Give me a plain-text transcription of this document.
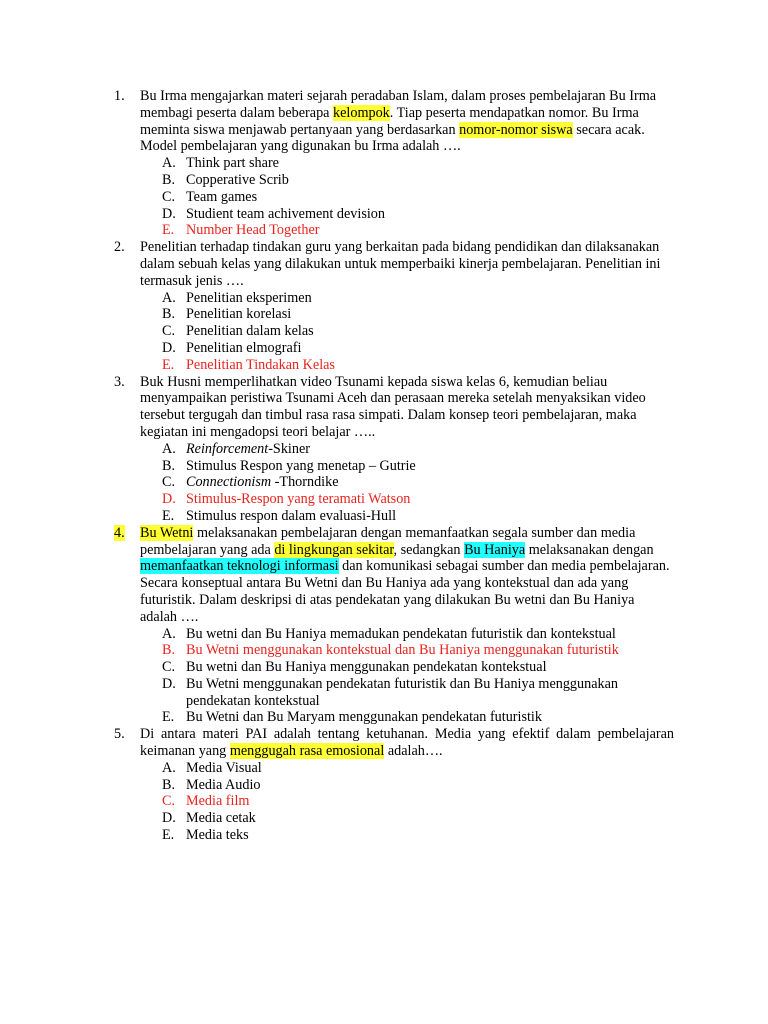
1.	Bu Irma mengajarkan materi sejarah peradaban Islam, dalam proses pembelajaran Bu Irma membagi peserta dalam beberapa kelompok. Tiap peserta mendapatkan nomor. Bu Irma meminta siswa menjawab pertanyaan yang berdasarkan nomor-nomor siswa secara acak. Model pembelajaran yang digunakan bu Irma adalah ….
A. Think part share
B. Copperative Scrib
C. Team games
D. Studient team achivement devision
E. Number Head Together
2.	Penelitian terhadap tindakan guru yang berkaitan pada bidang pendidikan dan dilaksanakan dalam sebuah kelas yang dilakukan untuk memperbaiki kinerja pembelajaran. Penelitian ini termasuk jenis ….
A. Penelitian eksperimen
B. Penelitian korelasi
C. Penelitian dalam kelas
D. Penelitian elmografi
E. Penelitian Tindakan Kelas
3.	Buk Husni memperlihatkan video Tsunami kepada siswa kelas 6, kemudian beliau menyampaikan peristiwa Tsunami Aceh dan perasaan mereka setelah menyaksikan video tersebut tergugah dan timbul rasa rasa simpati. Dalam konsep teori pembelajaran, maka kegiatan ini mengadopsi teori belajar …..
A. Reinforcement-Skiner
B. Stimulus Respon yang menetap – Gutrie
C. Connectionism -Thorndike
D. Stimulus-Respon yang teramati Watson
E. Stimulus respon dalam evaluasi-Hull
4.	Bu Wetni melaksanakan pembelajaran dengan memanfaatkan segala sumber dan media pembelajaran yang ada di lingkungan sekitar, sedangkan Bu Haniya melaksanakan dengan memanfaatkan teknologi informasi dan komunikasi sebagai sumber dan media pembelajaran. Secara konseptual antara Bu Wetni dan Bu Haniya ada yang kontekstual dan ada yang futuristik. Dalam deskripsi di atas pendekatan yang dilakukan Bu wetni dan Bu Haniya adalah ….
A. Bu wetni dan Bu Haniya memadukan pendekatan futuristik dan kontekstual
B. Bu Wetni menggunakan kontekstual dan Bu Haniya menggunakan futuristik
C. Bu wetni dan Bu Haniya menggunakan pendekatan kontekstual
D. Bu Wetni menggunakan pendekatan futuristik dan Bu Haniya menggunakan pendekatan kontekstual
E. Bu Wetni dan Bu Maryam menggunakan pendekatan futuristik
5.	Di antara materi PAI adalah tentang ketuhanan. Media yang efektif dalam pembelajaran keimanan yang menggugah rasa emosional adalah….
A. Media Visual
B. Media Audio
C. Media film
D. Media cetak
E. Media teks
